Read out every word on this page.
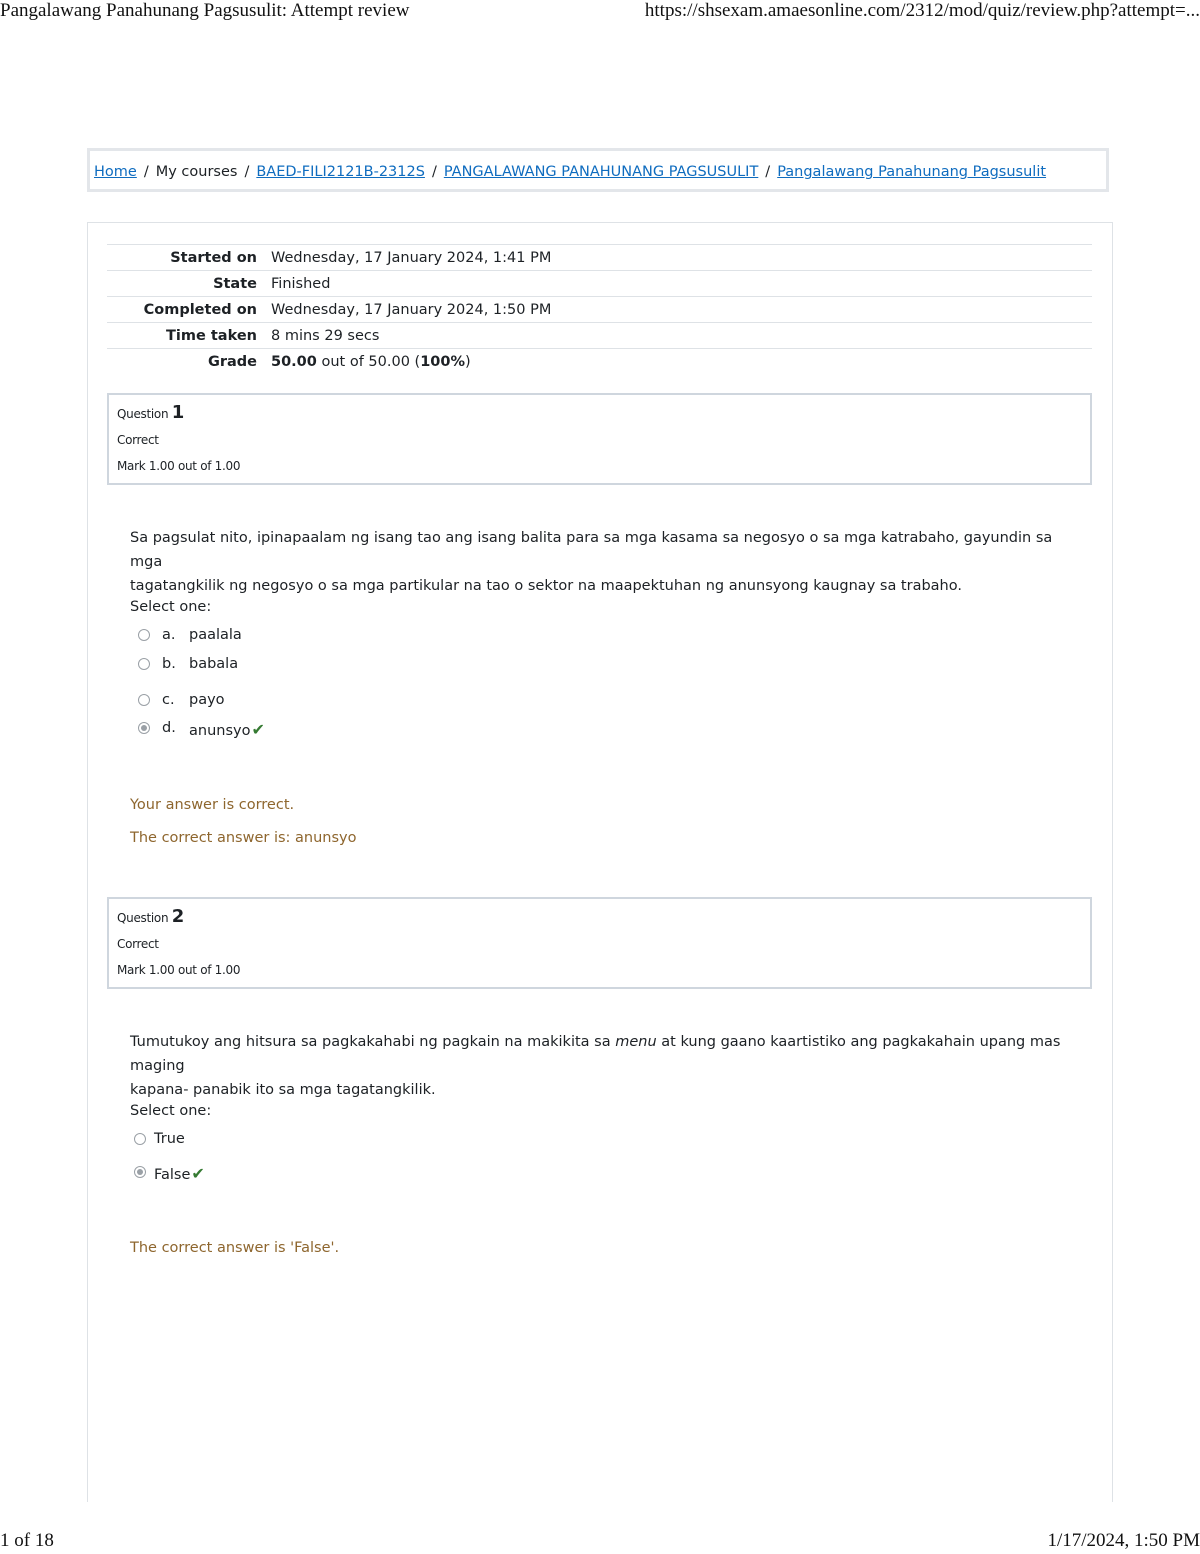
Pangalawang Panahunang Pagsusulit: Attempt review	https://shsexam.amaesonline.com/2312/mod/quiz/review.php?attempt=...
Home / My courses / BAED-FILI2121B-2312S / PANGALAWANG PANAHUNANG PAGSUSULIT / Pangalawang Panahunang Pagsusulit
Started on	Wednesday, 17 January 2024, 1:41 PM
State	Finished
Completed on	Wednesday, 17 January 2024, 1:50 PM
Time taken	8 mins 29 secs
Grade	50.00 out of 50.00 (100%)
Question 1
Correct
Mark 1.00 out of 1.00
Sa pagsulat nito, ipinapaalam ng isang tao ang isang balita para sa mga kasama sa negosyo o sa mga katrabaho, gayundin sa mga
tagatangkilik ng negosyo o sa mga partikular na tao o sektor na maapektuhan ng anunsyong kaugnay sa trabaho.
Select one:
a. paalala
b. babala
c. payo
d. anunsyo✔
Your answer is correct.
The correct answer is: anunsyo
Question 2
Correct
Mark 1.00 out of 1.00
Tumutukoy ang hitsura sa pagkakahabi ng pagkain na makikita sa menu at kung gaano kaartistiko ang pagkakahain upang mas maging
kapana- panabik ito sa mga tagatangkilik.
Select one:
True
False✔
The correct answer is 'False'.
1 of 18	1/17/2024, 1:50 PM
